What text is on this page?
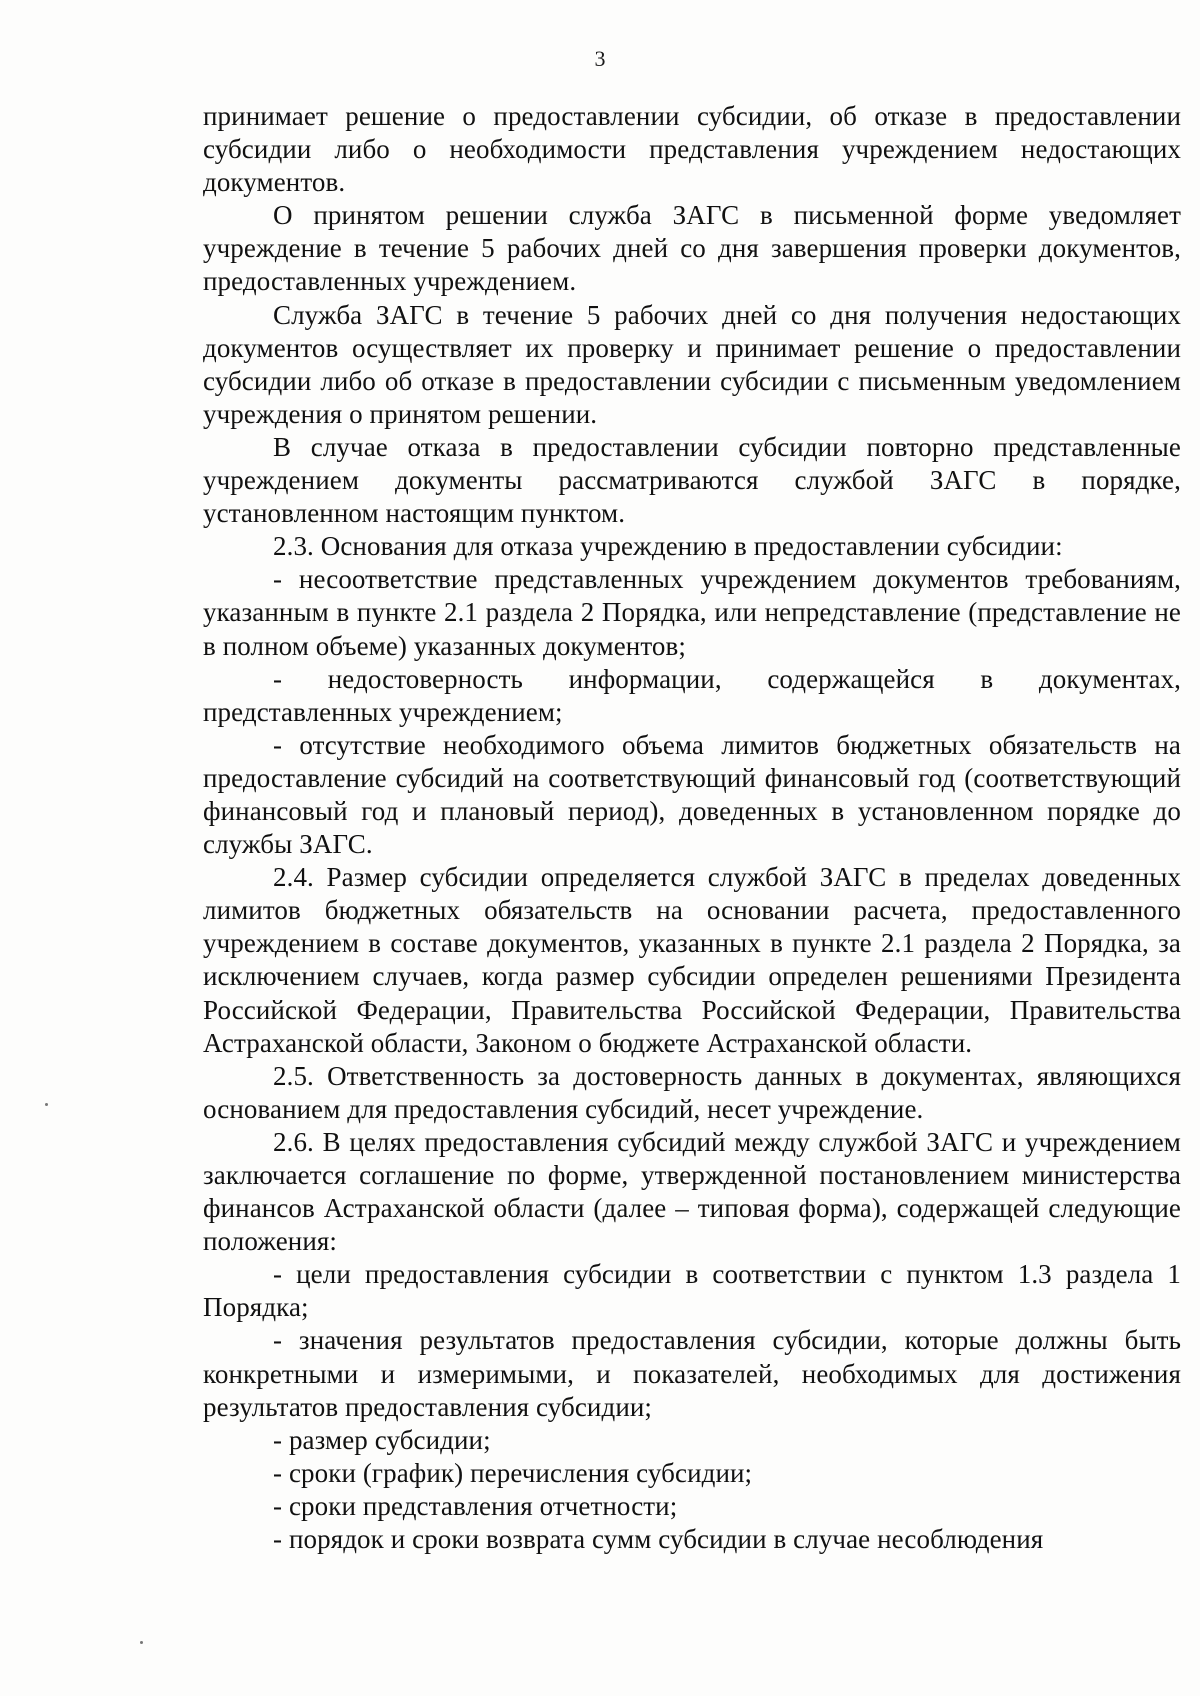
3

принимает решение о предоставлении субсидии, об отказе в предоставлении субсидии либо о необходимости представления учреждением недостающих документов.

О принятом решении служба ЗАГС в письменной форме уведомляет учреждение в течение 5 рабочих дней со дня завершения проверки документов, предоставленных учреждением.

Служба ЗАГС в течение 5 рабочих дней со дня получения недостающих документов осуществляет их проверку и принимает решение о предоставлении субсидии либо об отказе в предоставлении субсидии с письменным уведомлением учреждения о принятом решении.

В случае отказа в предоставлении субсидии повторно представленные учреждением документы рассматриваются службой ЗАГС в порядке, установленном настоящим пунктом.

2.3. Основания для отказа учреждению в предоставлении субсидии:

- несоответствие представленных учреждением документов требованиям, указанным в пункте 2.1 раздела 2 Порядка, или непредставление (представление не в полном объеме) указанных документов;

- недостоверность информации, содержащейся в документах, представленных учреждением;

- отсутствие необходимого объема лимитов бюджетных обязательств на предоставление субсидий на соответствующий финансовый год (соответствующий финансовый год и плановый период), доведенных в установленном порядке до службы ЗАГС.

2.4. Размер субсидии определяется службой ЗАГС в пределах доведенных лимитов бюджетных обязательств на основании расчета, предоставленного учреждением в составе документов, указанных в пункте 2.1 раздела 2 Порядка, за исключением случаев, когда размер субсидии определен решениями Президента Российской Федерации, Правительства Российской Федерации, Правительства Астраханской области, Законом о бюджете Астраханской области.

2.5. Ответственность за достоверность данных в документах, являющихся основанием для предоставления субсидий, несет учреждение.

2.6. В целях предоставления субсидий между службой ЗАГС и учреждением заключается соглашение по форме, утвержденной постановлением министерства финансов Астраханской области (далее – типовая форма), содержащей следующие положения:

- цели предоставления субсидии в соответствии с пунктом 1.3 раздела 1 Порядка;

- значения результатов предоставления субсидии, которые должны быть конкретными и измеримыми, и показателей, необходимых для достижения результатов предоставления субсидии;

- размер субсидии;

- сроки (график) перечисления субсидии;

- сроки представления отчетности;

- порядок и сроки возврата сумм субсидии в случае несоблюдения
